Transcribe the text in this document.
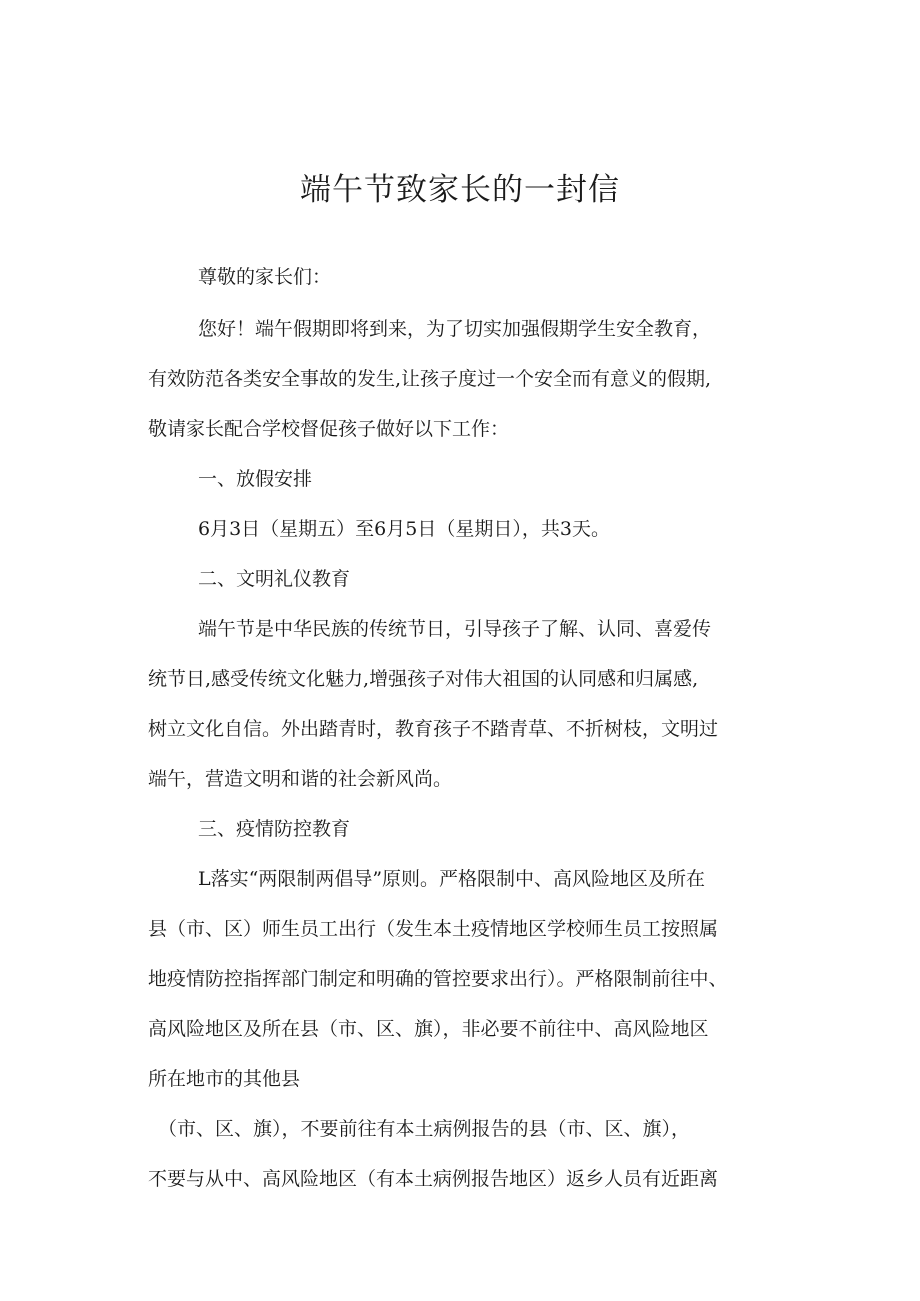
端午节致家长的一封信

尊敬的家长们：

您好！端午假期即将到来，为了切实加强假期学生安全教育，

有效防范各类安全事故的发生,让孩子度过一个安全而有意义的假期,

敬请家长配合学校督促孩子做好以下工作：

一、放假安排

6月3日（星期五）至6月5日（星期日），共3天。

二、文明礼仪教育

端午节是中华民族的传统节日，引导孩子了解、认同、喜爱传

统节日,感受传统文化魅力,增强孩子对伟大祖国的认同感和归属感,

树立文化自信。外出踏青时，教育孩子不踏青草、不折树枝，文明过

端午，营造文明和谐的社会新风尚。

三、疫情防控教育

L落实“两限制两倡导”原则。严格限制中、高风险地区及所在

县（市、区）师生员工出行（发生本土疫情地区学校师生员工按照属

地疫情防控指挥部门制定和明确的管控要求出行）。严格限制前往中、

高风险地区及所在县（市、区、旗），非必要不前往中、高风险地区

所在地市的其他县

（市、区、旗），不要前往有本土病例报告的县（市、区、旗），

不要与从中、高风险地区（有本土病例报告地区）返乡人员有近距离
